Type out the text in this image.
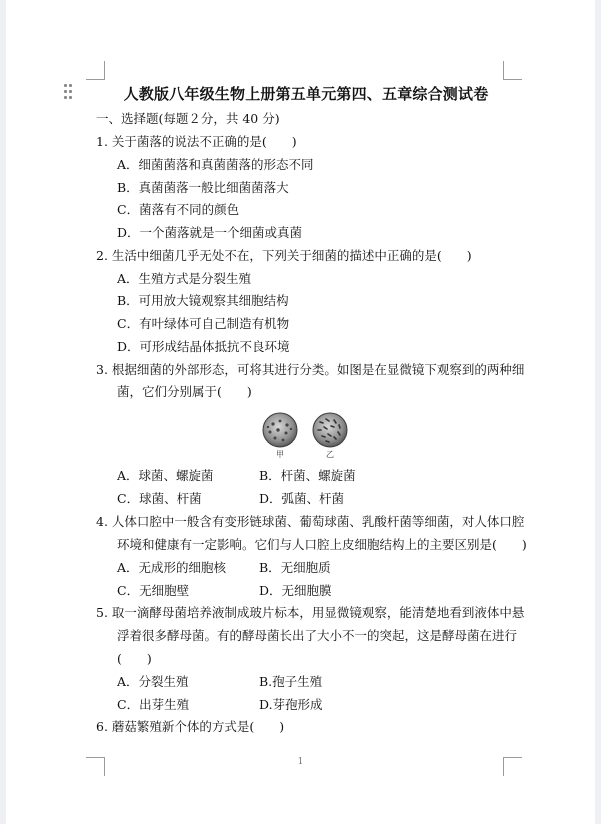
人教版八年级生物上册第五单元第四、五章综合测试卷
一、选择题(每题２分，共 40 分)
1. 关于菌落的说法不正确的是(　　)
A．细菌菌落和真菌菌落的形态不同
B．真菌菌落一般比细菌菌落大
C．菌落有不同的颜色
D．一个菌落就是一个细菌或真菌
2. 生活中细菌几乎无处不在，下列关于细菌的描述中正确的是(　　)
A．生殖方式是分裂生殖
B．可用放大镜观察其细胞结构
C．有叶绿体可自己制造有机物
D．可形成结晶体抵抗不良环境
3. 根据细菌的外部形态，可将其进行分类。如图是在显微镜下观察到的两种细
菌，它们分别属于(　　)
甲	乙
A．球菌、螺旋菌	B．杆菌、螺旋菌
C．球菌、杆菌	D．弧菌、杆菌
4. 人体口腔中一般含有变形链球菌、葡萄球菌、乳酸杆菌等细菌，对人体口腔
环境和健康有一定影响。它们与人口腔上皮细胞结构上的主要区别是(　　)
A．无成形的细胞核	B．无细胞质
C．无细胞壁	D．无细胞膜
5. 取一滴酵母菌培养液制成玻片标本，用显微镜观察，能清楚地看到液体中悬
浮着很多酵母菌。有的酵母菌长出了大小不一的突起，这是酵母菌在进行
(　　)
A．分裂生殖	B.孢子生殖
C．出芽生殖	D.芽孢形成
6. 蘑菇繁殖新个体的方式是(　　)
1
